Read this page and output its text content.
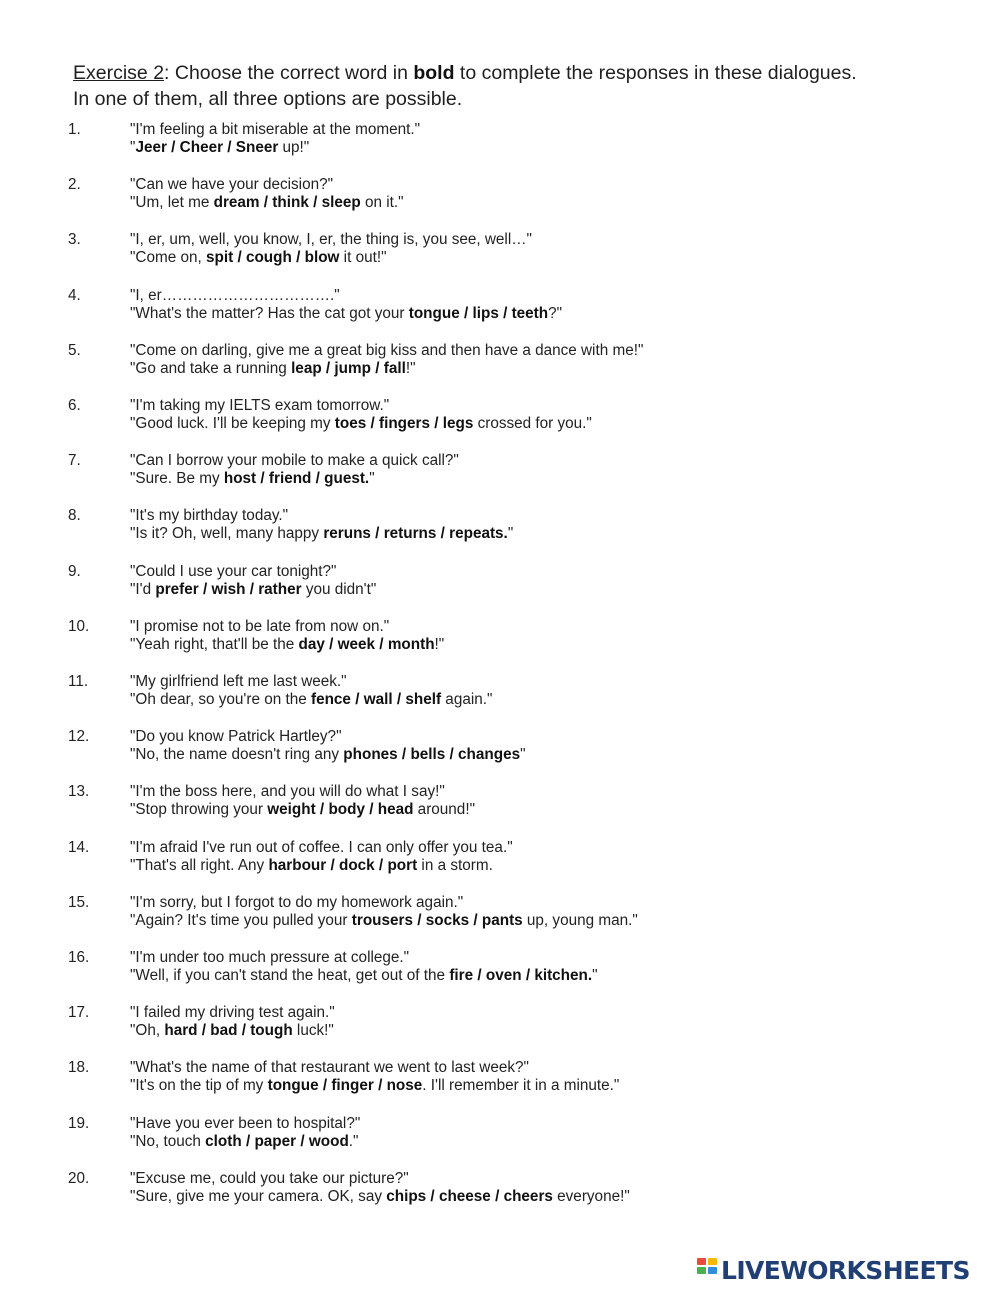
Exercise 2: Choose the correct word in bold to complete the responses in these dialogues.
In one of them, all three options are possible.
1.	"I'm feeling a bit miserable at the moment."
"Jeer / Cheer / Sneer up!"
2.	"Can we have your decision?"
"Um, let me dream / think / sleep on it."
3.	"I, er, um, well, you know, I, er, the thing is, you see, well…"
"Come on, spit / cough / blow it out!"
4.	"I, er……………………………."
"What's the matter? Has the cat got your tongue / lips / teeth?"
5.	"Come on darling, give me a great big kiss and then have a dance with me!"
"Go and take a running leap / jump / fall!"
6.	"I'm taking my IELTS exam tomorrow."
"Good luck. I'll be keeping my toes / fingers / legs crossed for you."
7.	"Can I borrow your mobile to make a quick call?"
"Sure. Be my host / friend / guest."
8.	"It's my birthday today."
"Is it? Oh, well, many happy reruns / returns / repeats."
9.	"Could I use your car tonight?"
"I'd prefer / wish / rather you didn't"
10.	"I promise not to be late from now on."
"Yeah right, that'll be the day / week / month!"
11.	"My girlfriend left me last week."
"Oh dear, so you're on the fence / wall / shelf again."
12.	"Do you know Patrick Hartley?"
"No, the name doesn't ring any phones / bells / changes"
13.	"I'm the boss here, and you will do what I say!"
"Stop throwing your weight / body / head around!"
14.	"I'm afraid I've run out of coffee. I can only offer you tea."
"That's all right. Any harbour / dock / port in a storm.
15.	"I'm sorry, but I forgot to do my homework again."
"Again? It's time you pulled your trousers / socks / pants up, young man."
16.	"I'm under too much pressure at college."
"Well, if you can't stand the heat, get out of the fire / oven / kitchen."
17.	"I failed my driving test again."
"Oh, hard / bad / tough luck!"
18.	"What's the name of that restaurant we went to last week?"
"It's on the tip of my tongue / finger / nose. I'll remember it in a minute."
19.	"Have you ever been to hospital?"
"No, touch cloth / paper / wood."
20.	"Excuse me, could you take our picture?"
"Sure, give me your camera. OK, say chips / cheese / cheers everyone!"
LIVEWORKSHEETS
